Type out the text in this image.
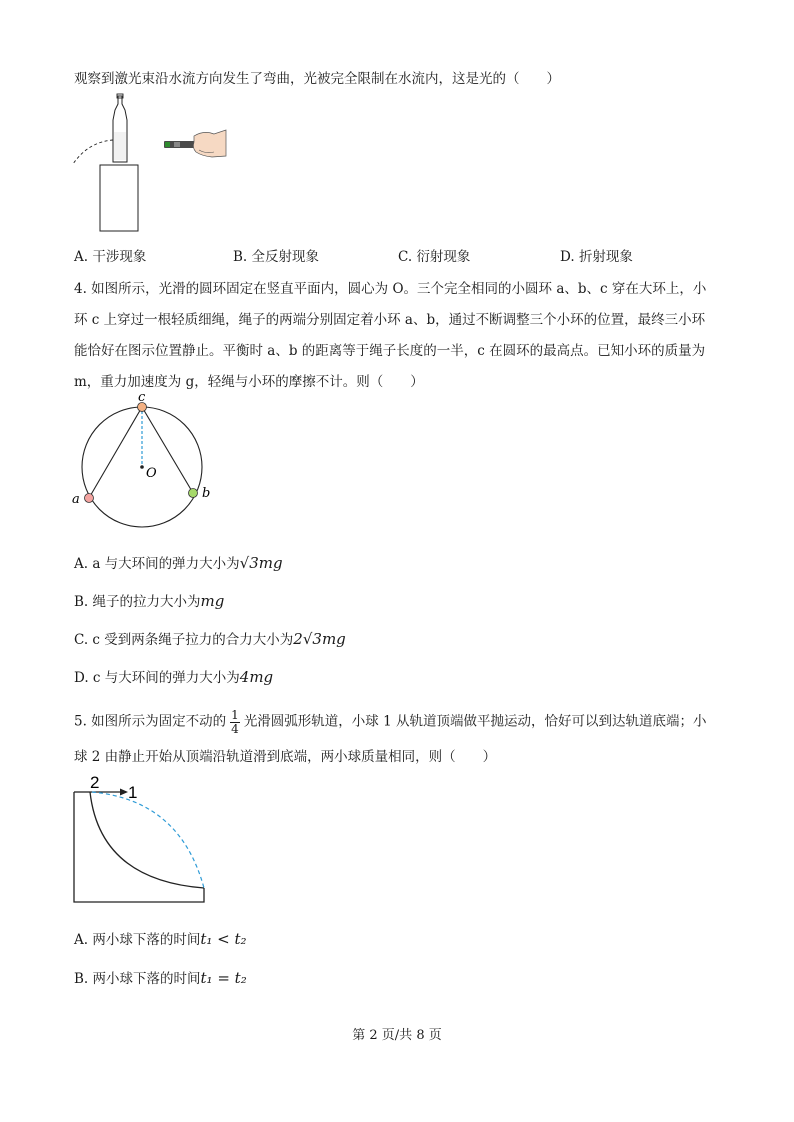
观察到激光束沿水流方向发生了弯曲，光被完全限制在水流内，这是光的（　　）
A. 干涉现象	B. 全反射现象	C. 衍射现象	D. 折射现象
4. 如图所示，光滑的圆环固定在竖直平面内，圆心为 O。三个完全相同的小圆环 a、b、c 穿在大环上，小
环 c 上穿过一根轻质细绳，绳子的两端分别固定着小环 a、b，通过不断调整三个小环的位置，最终三小环
能恰好在图示位置静止。平衡时 a、b 的距离等于绳子长度的一半，c 在圆环的最高点。已知小环的质量为
m，重力加速度为 g，轻绳与小环的摩擦不计。则（　　）
c
O
a	b
A. a 与大环间的弹力大小为√3mg
B. 绳子的拉力大小为mg
C. c 受到两条绳子拉力的合力大小为2√3mg
D. c 与大环间的弹力大小为4mg
5. 如图所示为固定不动的 $\frac{1}{4}$ 光滑圆弧形轨道，小球 1 从轨道顶端做平抛运动，恰好可以到达轨道底端；小
球 2 由静止开始从顶端沿轨道滑到底端，两小球质量相同，则（　　）
2
1
A. 两小球下落的时间t₁ < t₂
B. 两小球下落的时间t₁ = t₂
第 2 页/共 8 页
